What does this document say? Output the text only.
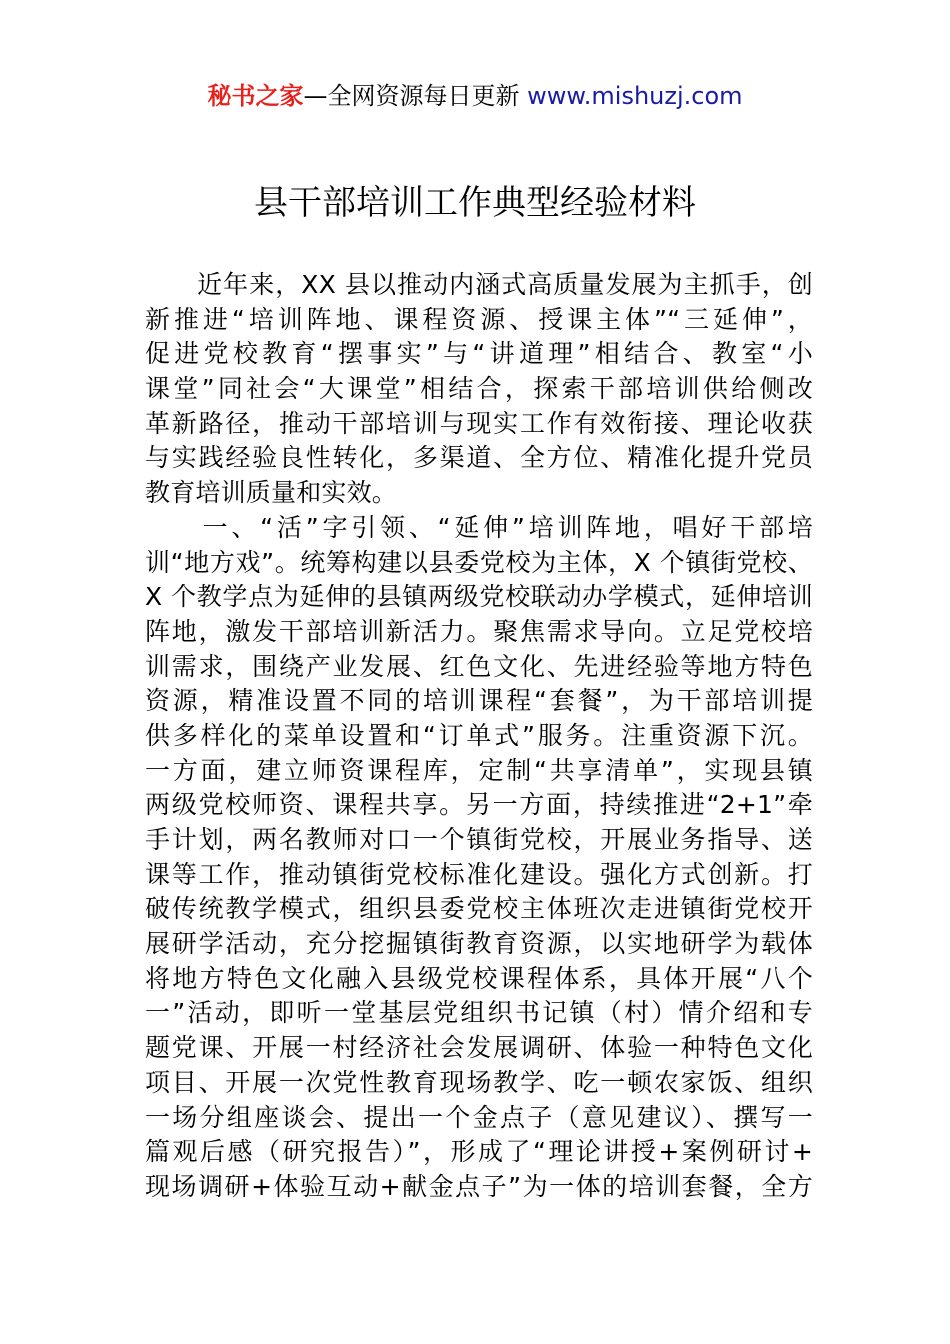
秘书之家—全网资源每日更新 www.mishuzj.com
县干部培训工作典型经验材料
　　近年来，XX 县以推动内涵式高质量发展为主抓手，创
新推进“培训阵地、课程资源、授课主体”“三延伸”，
促进党校教育“摆事实”与“讲道理”相结合、教室“小
课堂”同社会“大课堂”相结合，探索干部培训供给侧改
革新路径，推动干部培训与现实工作有效衔接、理论收获
与实践经验良性转化，多渠道、全方位、精准化提升党员
教育培训质量和实效。
　　一、“活”字引领、“延伸”培训阵地，唱好干部培
训“地方戏”。统筹构建以县委党校为主体，X 个镇街党校、
X 个教学点为延伸的县镇两级党校联动办学模式，延伸培训
阵地，激发干部培训新活力。聚焦需求导向。立足党校培
训需求，围绕产业发展、红色文化、先进经验等地方特色
资源，精准设置不同的培训课程“套餐”，为干部培训提
供多样化的菜单设置和“订单式”服务。注重资源下沉。
一方面，建立师资课程库，定制“共享清单”，实现县镇
两级党校师资、课程共享。另一方面，持续推进“2+1”牵
手计划，两名教师对口一个镇街党校，开展业务指导、送
课等工作，推动镇街党校标准化建设。强化方式创新。打
破传统教学模式，组织县委党校主体班次走进镇街党校开
展研学活动，充分挖掘镇街教育资源，以实地研学为载体
将地方特色文化融入县级党校课程体系，具体开展“八个
一”活动，即听一堂基层党组织书记镇（村）情介绍和专
题党课、开展一村经济社会发展调研、体验一种特色文化
项目、开展一次党性教育现场教学、吃一顿农家饭、组织
一场分组座谈会、提出一个金点子（意见建议）、撰写一
篇观后感（研究报告）”，形成了“理论讲授+案例研讨+
现场调研+体验互动+献金点子”为一体的培训套餐，全方
